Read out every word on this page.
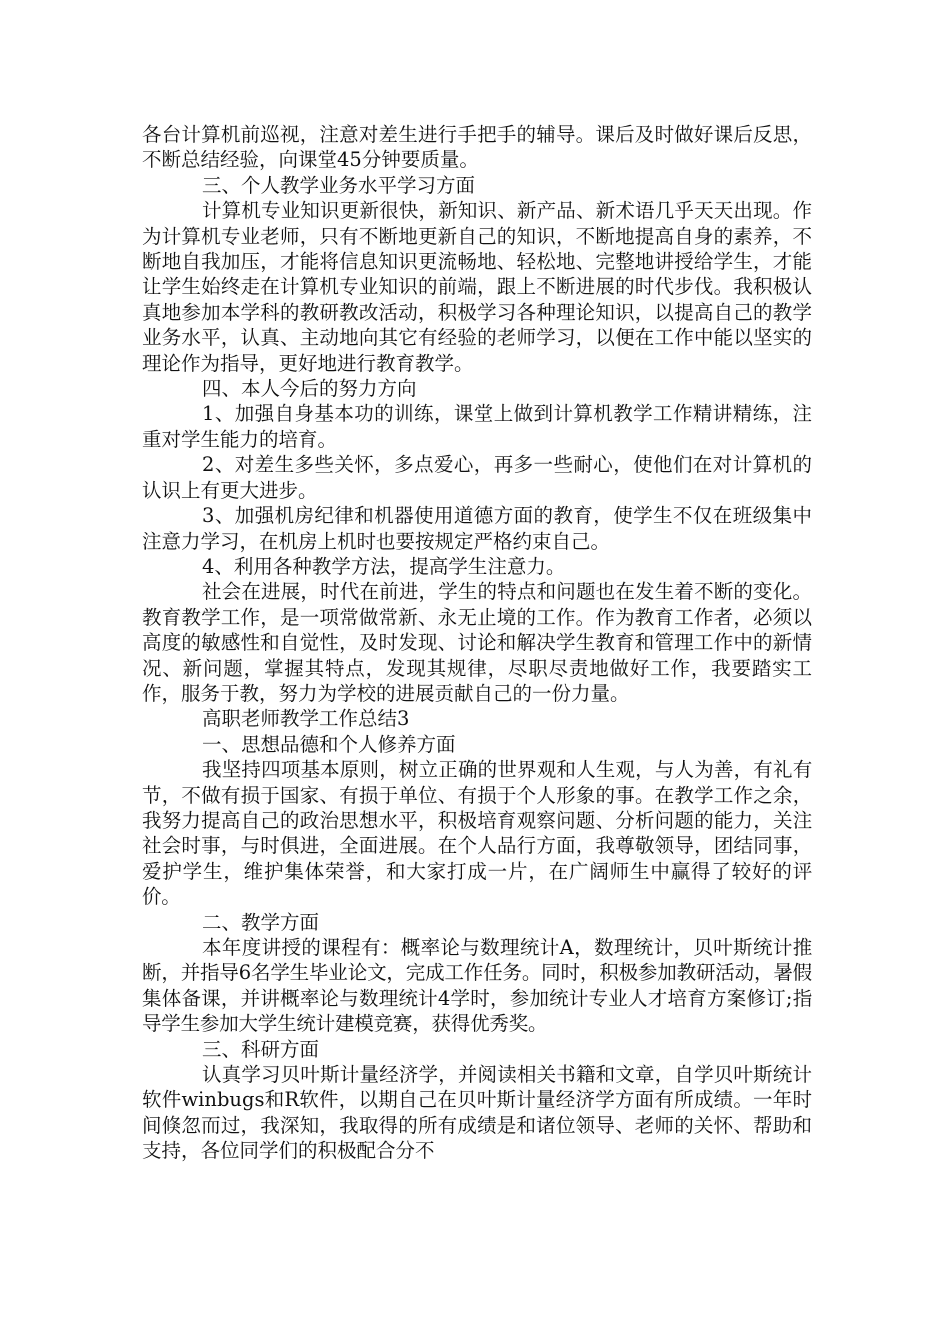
各台计算机前巡视，注意对差生进行手把手的辅导。课后及时做好课后反思，不断总结经验，向课堂45分钟要质量。

三、个人教学业务水平学习方面

计算机专业知识更新很快，新知识、新产品、新术语几乎天天出现。作为计算机专业老师，只有不断地更新自己的知识，不断地提高自身的素养，不断地自我加压，才能将信息知识更流畅地、轻松地、完整地讲授给学生，才能让学生始终走在计算机专业知识的前端，跟上不断进展的时代步伐。我积极认真地参加本学科的教研教改活动，积极学习各种理论知识，以提高自己的教学业务水平，认真、主动地向其它有经验的老师学习，以便在工作中能以坚实的理论作为指导，更好地进行教育教学。

四、本人今后的努力方向

1、加强自身基本功的训练，课堂上做到计算机教学工作精讲精练，注重对学生能力的培育。

2、对差生多些关怀，多点爱心，再多一些耐心，使他们在对计算机的认识上有更大进步。

3、加强机房纪律和机器使用道德方面的教育，使学生不仅在班级集中注意力学习，在机房上机时也要按规定严格约束自己。

4、利用各种教学方法，提高学生注意力。

社会在进展，时代在前进，学生的特点和问题也在发生着不断的变化。教育教学工作，是一项常做常新、永无止境的工作。作为教育工作者，必须以高度的敏感性和自觉性，及时发现、讨论和解决学生教育和管理工作中的新情况、新问题，掌握其特点，发现其规律，尽职尽责地做好工作，我要踏实工作，服务于教，努力为学校的进展贡献自己的一份力量。

高职老师教学工作总结3

一、思想品德和个人修养方面

我坚持四项基本原则，树立正确的世界观和人生观，与人为善，有礼有节，不做有损于国家、有损于单位、有损于个人形象的事。在教学工作之余，我努力提高自己的政治思想水平，积极培育观察问题、分析问题的能力，关注社会时事，与时俱进，全面进展。在个人品行方面，我尊敬领导，团结同事，爱护学生，维护集体荣誉，和大家打成一片，在广阔师生中赢得了较好的评价。

二、教学方面

本年度讲授的课程有：概率论与数理统计A，数理统计，贝叶斯统计推断，并指导6名学生毕业论文，完成工作任务。同时，积极参加教研活动，暑假集体备课，并讲概率论与数理统计4学时，参加统计专业人才培育方案修订;指导学生参加大学生统计建模竞赛，获得优秀奖。

三、科研方面

认真学习贝叶斯计量经济学，并阅读相关书籍和文章，自学贝叶斯统计软件winbugs和R软件，以期自己在贝叶斯计量经济学方面有所成绩。一年时间倏忽而过，我深知，我取得的所有成绩是和诸位领导、老师的关怀、帮助和支持，各位同学们的积极配合分不
